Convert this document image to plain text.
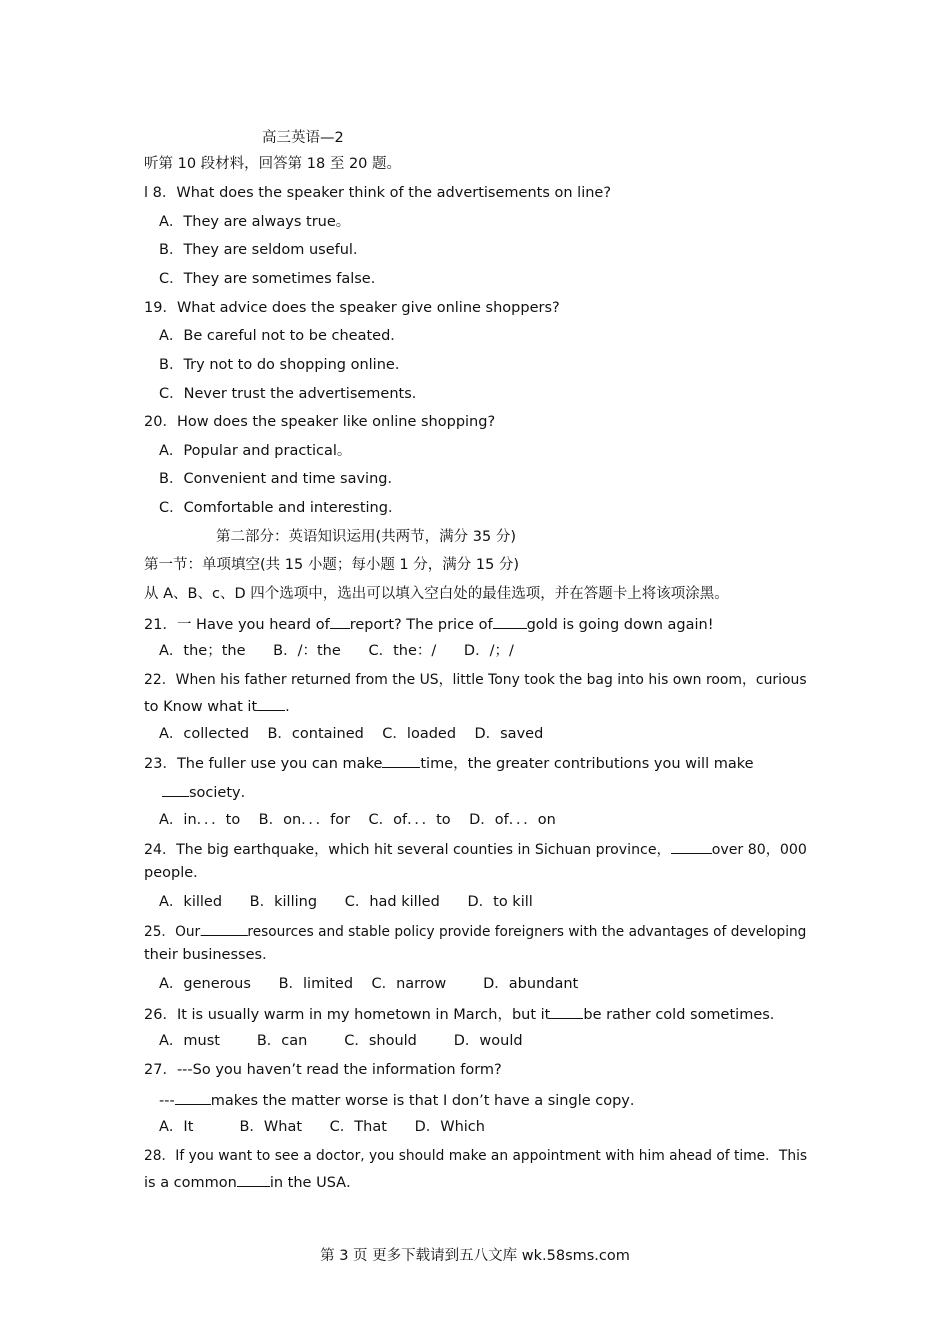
高三英语—2
听第 10 段材料，回答第 18 至 20 题。
l 8．What does the speaker think of the advertisements on line?
A．They are always true。
B．They are seldom useful．
C．They are sometimes false．
19．What advice does the speaker give online shoppers?
A．Be careful not to be cheated．
B．Try not to do shopping online．
C．Never trust the advertisements．
20．How does the speaker like online shopping?
A．Popular and practical。
B．Convenient and time saving．
C．Comfortable and interesting．
第二部分：英语知识运用(共两节，满分 35 分)
第一节：单项填空(共 15 小题；每小题 1 分，满分 15 分)
从 A、B、c、D 四个选项中，选出可以填入空白处的最佳选项，并在答题卡上将该项涂黑。
21．一 Have you heard of report? The price of gold is going down again!
A．the；the      B．/：the      C．the：/      D．/；/
22．When his father returned from the US，little Tony took the bag into his own room，curious
to Know what it .
A．collected    B．contained    C．loaded    D．saved
23．The fuller use you can make	time，the greater contributions you will make
society．
A．in．．．to    B．on．．．for    C．of．．．to    D．of．．．on
24．The big earthquake，which hit several counties in Sichuan province，	over 80，000
people．
A．killed      B．killing      C．had killed      D．to kill
25．Our	resources and stable policy provide foreigners with the advantages of developing
their businesses．
A．generous      B．limited    C．narrow        D．abundant
26．It is usually warm in my hometown in March，but it be rather cold sometimes．
A．must        B．can        C．should        D．would
27．---So you haven’t read the information form?
--- makes the matter worse is that I don’t have a single copy．
A．It          B．What      C．That      D．Which
28．If you want to see a doctor, you should make an appointment with him ahead of time．This
is a common in the USA．
第 3 页 更多下载请到五八文库 wk.58sms.com
